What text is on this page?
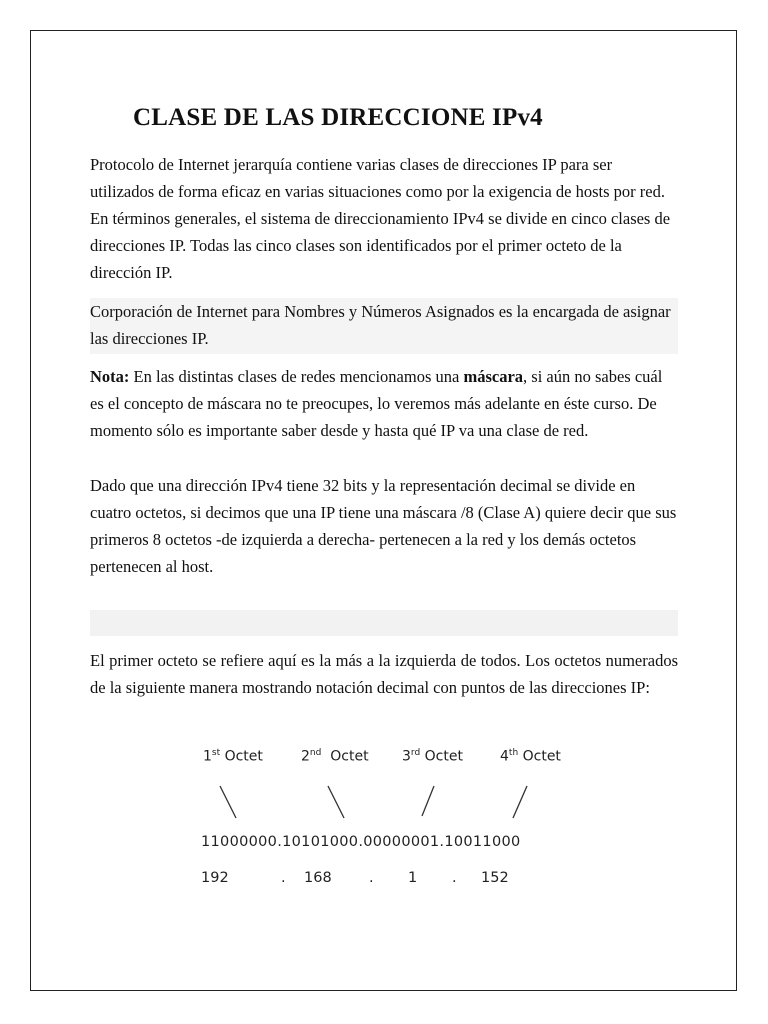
CLASE DE LAS DIRECCIONE IPv4
Protocolo de Internet jerarquía contiene varias clases de direcciones IP para ser utilizados de forma eficaz en varias situaciones como por la exigencia de hosts por red. En términos generales, el sistema de direccionamiento IPv4 se divide en cinco clases de direcciones IP. Todas las cinco clases son identificados por el primer octeto de la dirección IP.
Corporación de Internet para Nombres y Números Asignados es la encargada de asignar las direcciones IP.
Nota: En las distintas clases de redes mencionamos una máscara, si aún no sabes cuál es el concepto de máscara no te preocupes, lo veremos más adelante en éste curso. De momento sólo es importante saber desde y hasta qué IP va una clase de red.
Dado que una dirección IPv4 tiene 32 bits y la representación decimal se divide en cuatro octetos, si decimos que una IP tiene una máscara /8 (Clase A) quiere decir que sus primeros 8 octetos -de izquierda a derecha- pertenecen a la red y los demás octetos pertenecen al host.
El primer octeto se refiere aquí es la más a la izquierda de todos. Los octetos numerados de la siguiente manera mostrando notación decimal con puntos de las direcciones IP:
1st Octet	2nd Octet 3rd Octet	4th Octet
11000000.10101000.00000001.10011000
192	. 168	. 1 . 152
